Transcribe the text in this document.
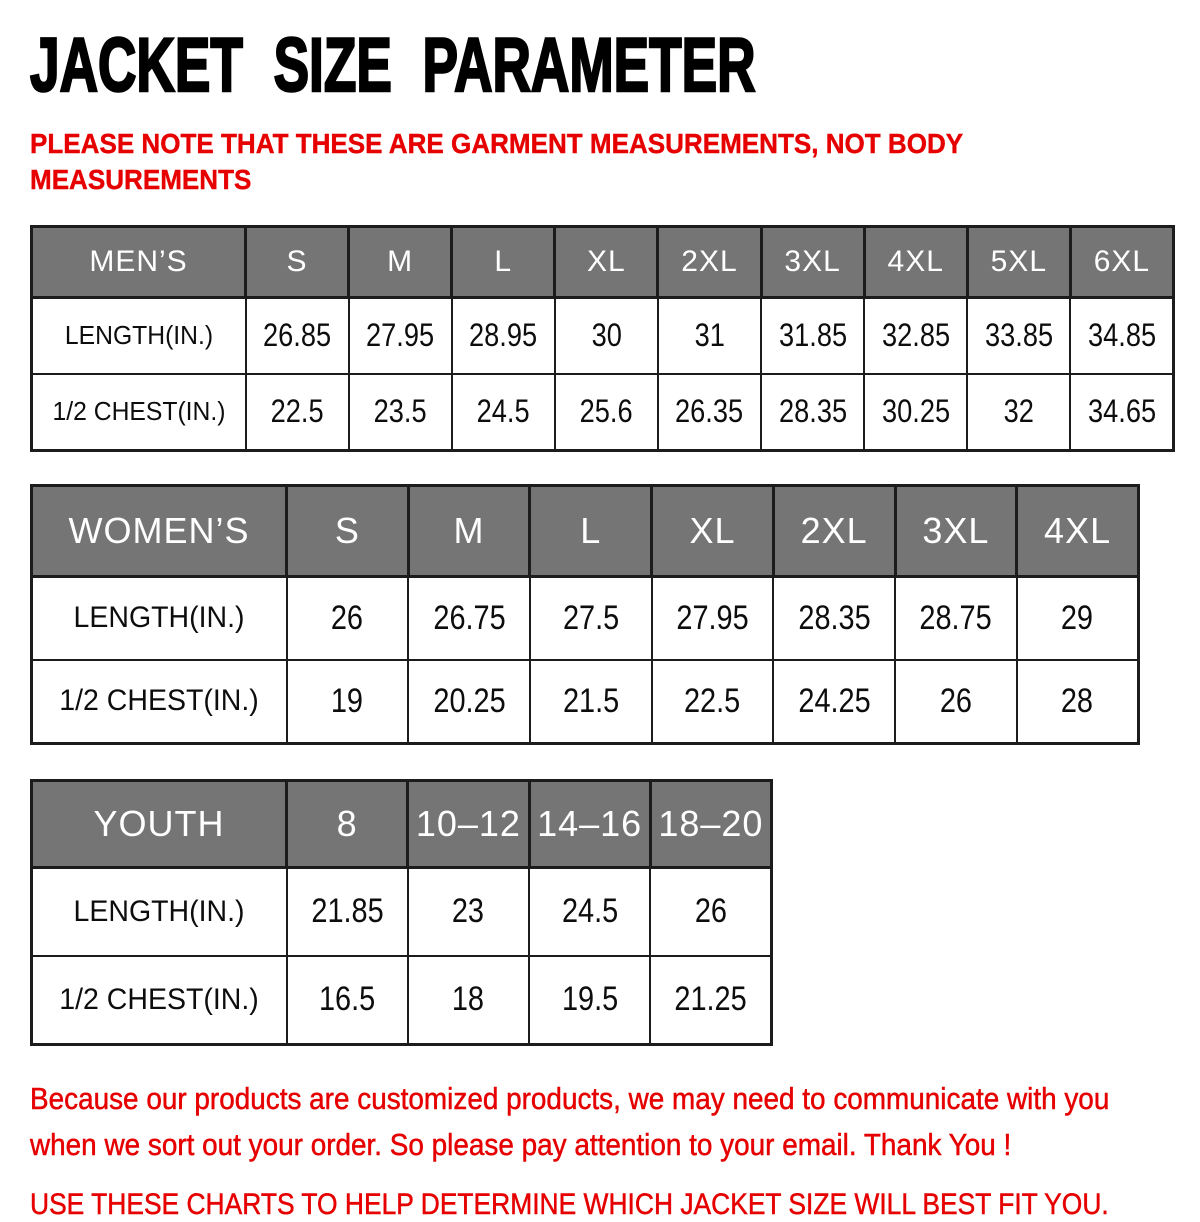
JACKET SIZE PARAMETER

PLEASE NOTE THAT THESE ARE GARMENT MEASUREMENTS, NOT BODY
MEASUREMENTS

MEN’S	S	M	L	XL	2XL	3XL	4XL	5XL	6XL
LENGTH(IN.)	26.85	27.95	28.95	30	31	31.85	32.85	33.85	34.85
1/2 CHEST(IN.)	22.5	23.5	24.5	25.6	26.35	28.35	30.25	32	34.65
WOMEN’S	S	M	L	XL	2XL	3XL	4XL
LENGTH(IN.)	26	26.75	27.5	27.95	28.35	28.75	29
1/2 CHEST(IN.)	19	20.25	21.5	22.5	24.25	26	28
YOUTH	8	10–12	14–16	18–20
LENGTH(IN.)	21.85	23	24.5	26
1/2 CHEST(IN.)	16.5	18	19.5	21.25

Because our products are customized products, we may need to communicate with you
when we sort out your order. So please pay attention to your email. Thank You !

USE THESE CHARTS TO HELP DETERMINE WHICH JACKET SIZE WILL BEST FIT YOU.
